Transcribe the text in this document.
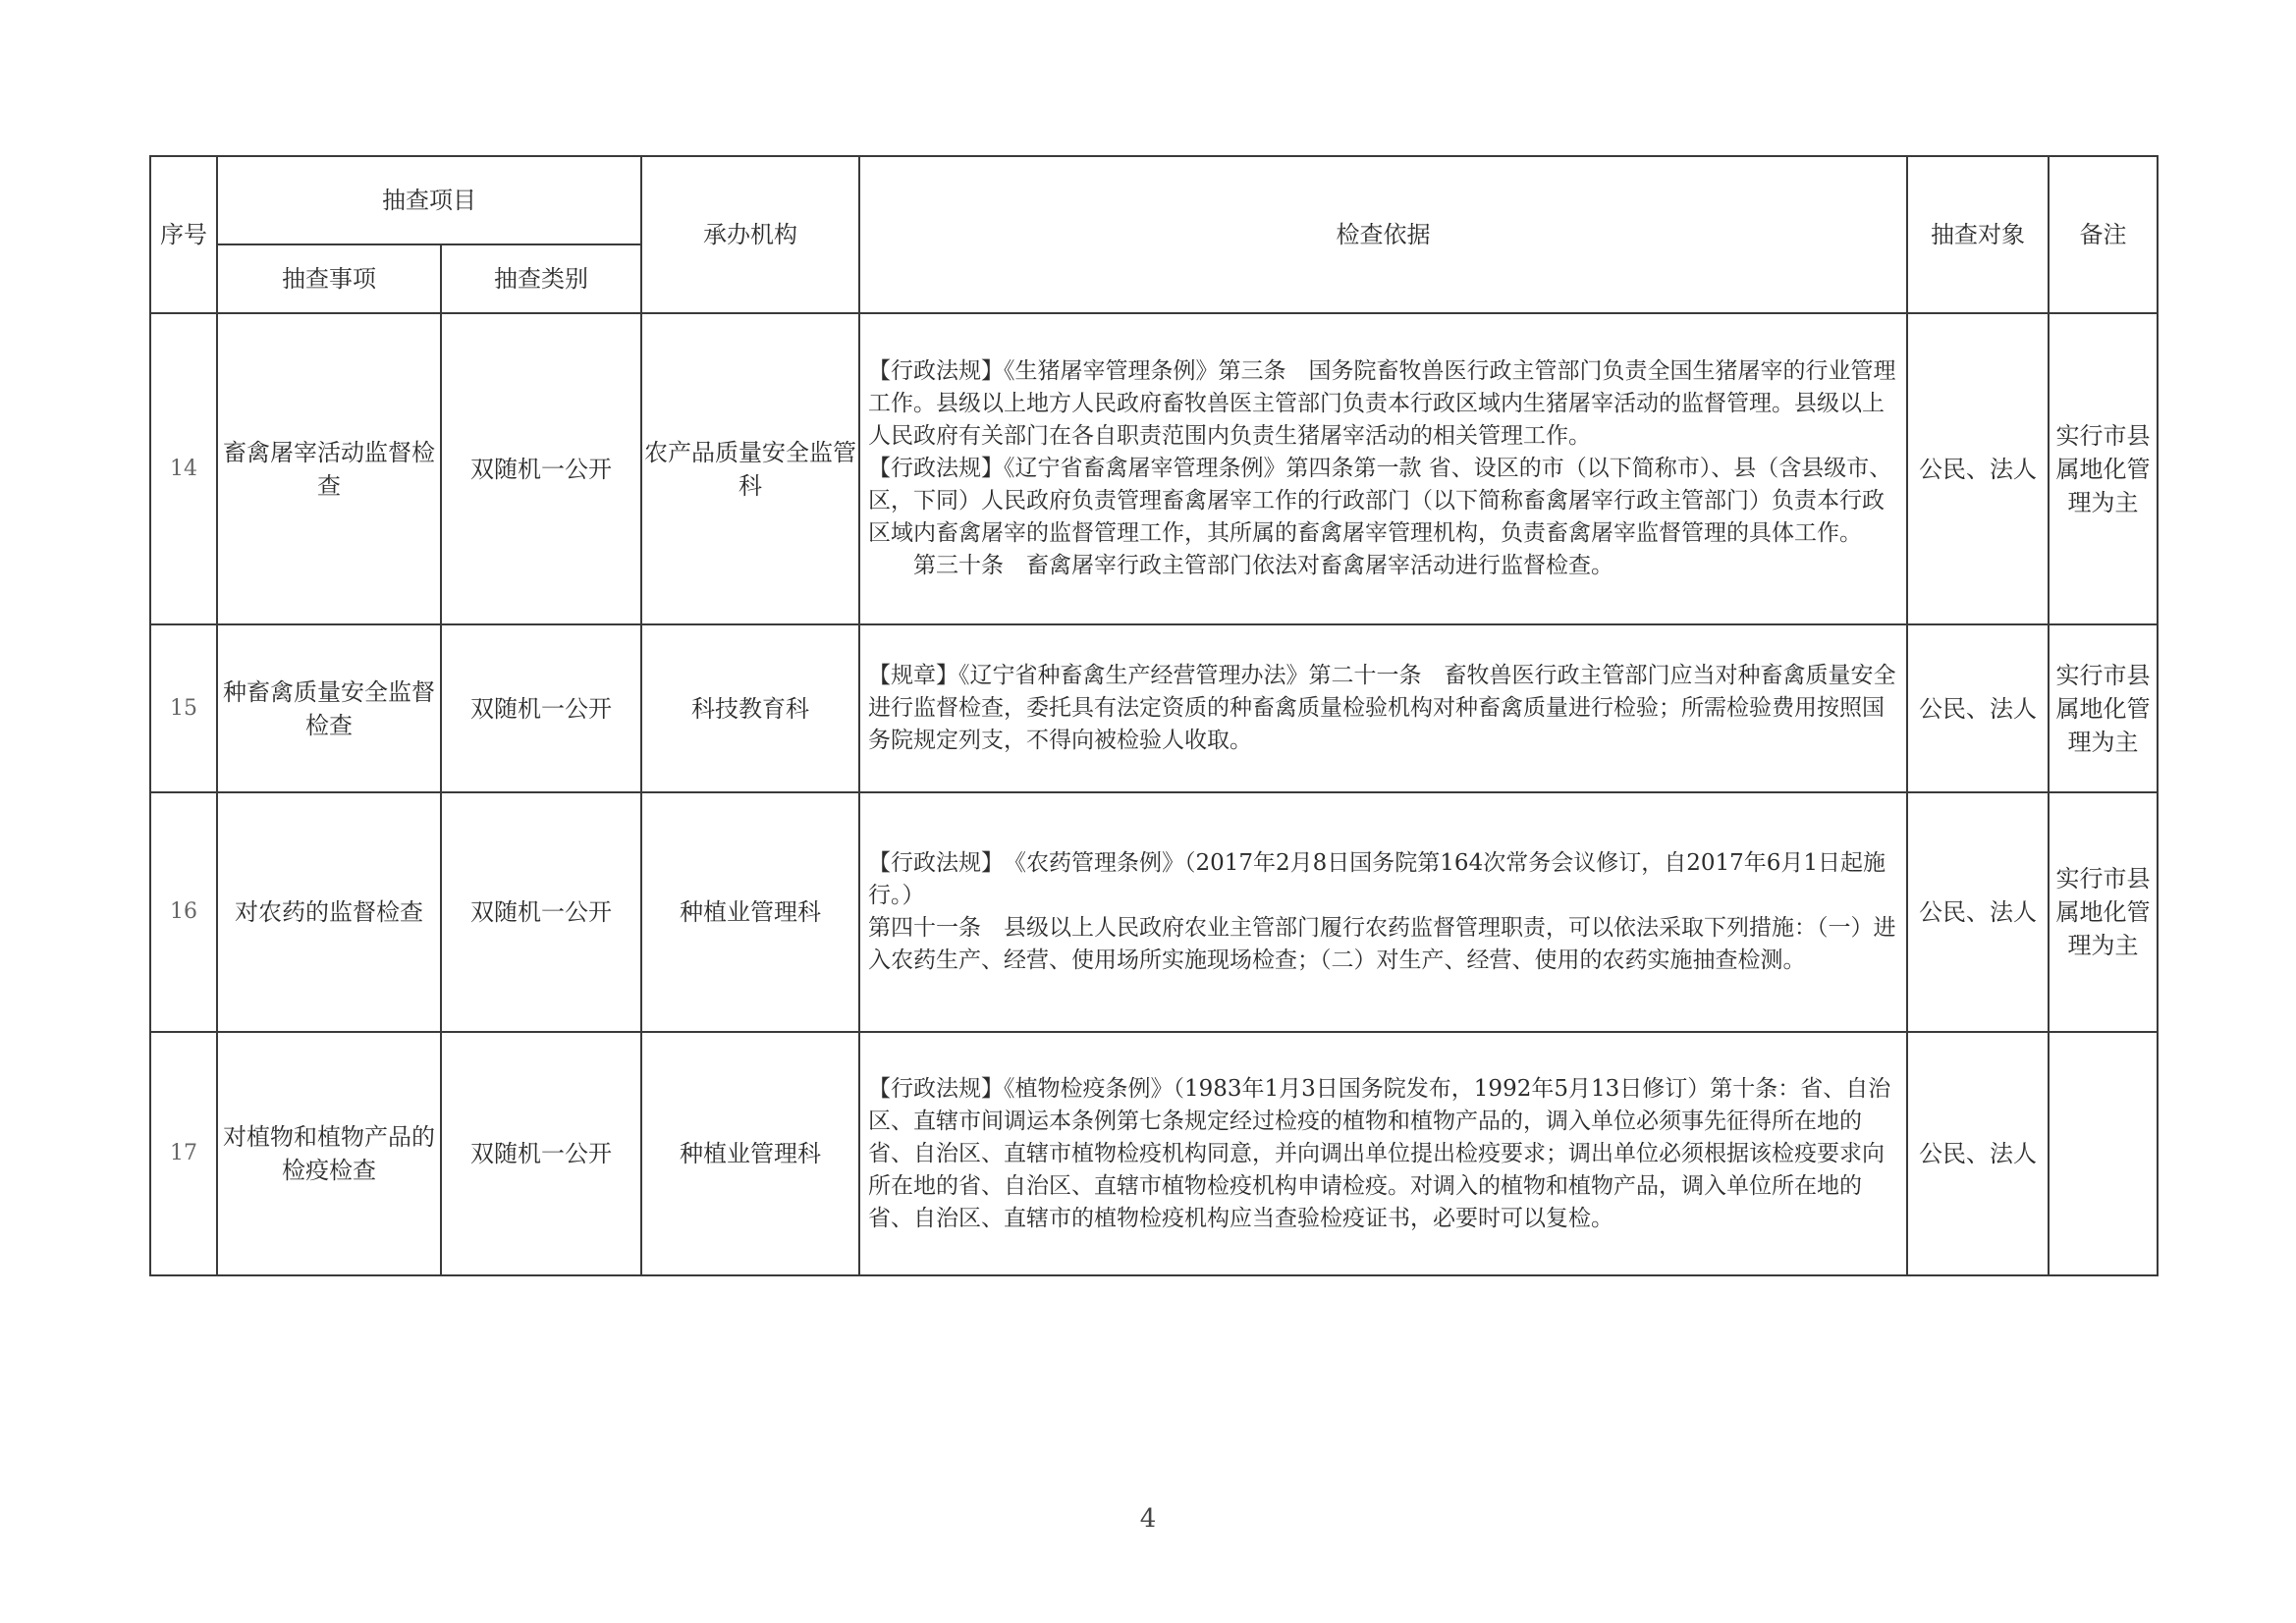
序号	抽查项目		承办机构	检查依据	抽查对象	备注
	抽查事项	抽查类别				
14	畜禽屠宰活动监督检查	双随机一公开	农产品质量安全监管科	【行政法规】《生猪屠宰管理条例》第三条　国务院畜牧兽医行政主管部门负责全国生猪屠宰的行业管理工作。县级以上地方人民政府畜牧兽医主管部门负责本行政区域内生猪屠宰活动的监督管理。县级以上人民政府有关部门在各自职责范围内负责生猪屠宰活动的相关管理工作。

【行政法规】《辽宁省畜禽屠宰管理条例》第四条第一款 省、设区的市（以下简称市）、县（含县级市、区，下同）人民政府负责管理畜禽屠宰工作的行政部门（以下简称畜禽屠宰行政主管部门）负责本行政区域内畜禽屠宰的监督管理工作，其所属的畜禽屠宰管理机构，负责畜禽屠宰监督管理的具体工作。

第三十条　畜禽屠宰行政主管部门依法对畜禽屠宰活动进行监督检查。	公民、法人	实行市县属地化管理为主
15	种畜禽质量安全监督检查	双随机一公开	科技教育科	【规章】《辽宁省种畜禽生产经营管理办法》第二十一条　畜牧兽医行政主管部门应当对种畜禽质量安全进行监督检查，委托具有法定资质的种畜禽质量检验机构对种畜禽质量进行检验；所需检验费用按照国务院规定列支，不得向被检验人收取。	公民、法人	实行市县属地化管理为主
16	对农药的监督检查	双随机一公开	种植业管理科	【行政法规】　《农药管理条例》（2017年2月8日国务院第164次常务会议修订，自2017年6月1日起施行。）

第四十一条　县级以上人民政府农业主管部门履行农药监督管理职责，可以依法采取下列措施：（一）进入农药生产、经营、使用场所实施现场检查；（二）对生产、经营、使用的农药实施抽查检测。	公民、法人	实行市县属地化管理为主
17	对植物和植物产品的检疫检查	双随机一公开	种植业管理科	【行政法规】《植物检疫条例》（1983年1月3日国务院发布，1992年5月13日修订）第十条：省、自治区、直辖市间调运本条例第七条规定经过检疫的植物和植物产品的，调入单位必须事先征得所在地的省、自治区、直辖市植物检疫机构同意，并向调出单位提出检疫要求；调出单位必须根据该检疫要求向所在地的省、自治区、直辖市植物检疫机构申请检疫。对调入的植物和植物产品，调入单位所在地的省、自治区、直辖市的植物检疫机构应当查验检疫证书，必要时可以复检。	公民、法人	
4
